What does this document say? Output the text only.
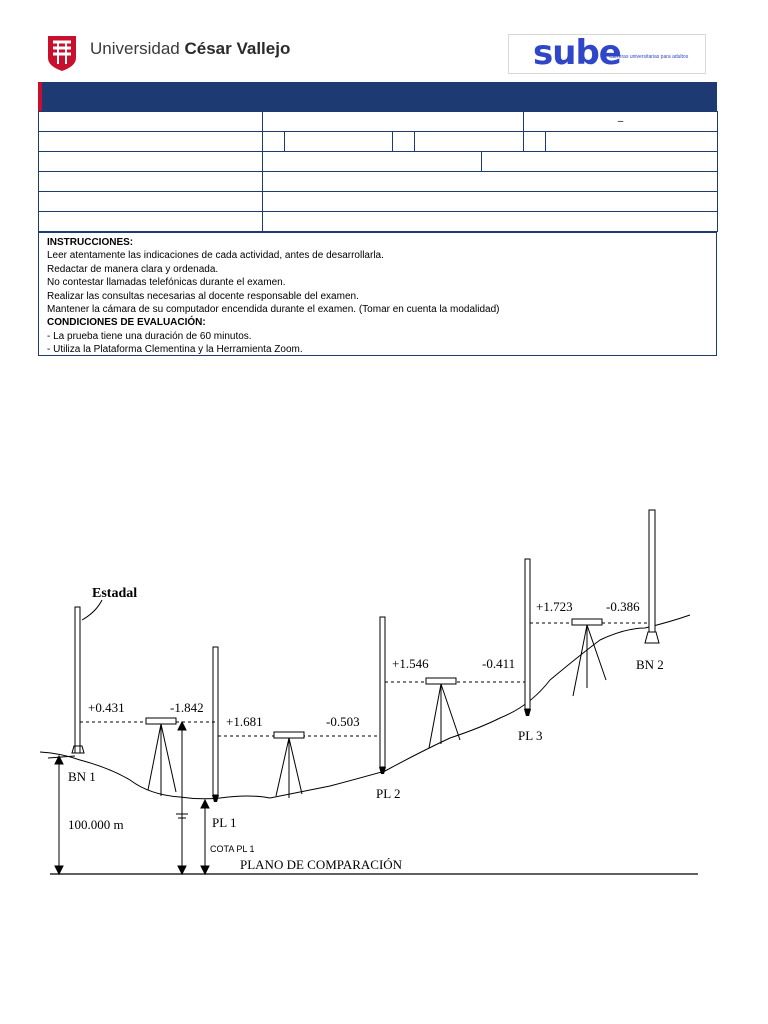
Universidad César Vallejo	sube
Carreras universitarias para adultos
						–	

INSTRUCCIONES:
Leer atentamente las indicaciones de cada actividad, antes de desarrollarla.
Redactar de manera clara y ordenada.
No contestar llamadas telefónicas durante el examen.
Realizar las consultas necesarias al docente responsable del examen.
Mantener la cámara de su computador encendida durante el examen. (Tomar en cuenta la modalidad)
CONDICIONES DE EVALUACIÓN:
- La prueba tiene una duración de 60 minutos.
- Utiliza la Plataforma Clementina y la Herramienta Zoom.
Estadal
+0.431	-1.842
+1.681	-0.503
+1.546	-0.411
+1.723	-0.386
BN 1
PL 1
PL 2
PL 3
BN 2
100.000 m
COTA PL 1
PLANO DE COMPARACIÓN
